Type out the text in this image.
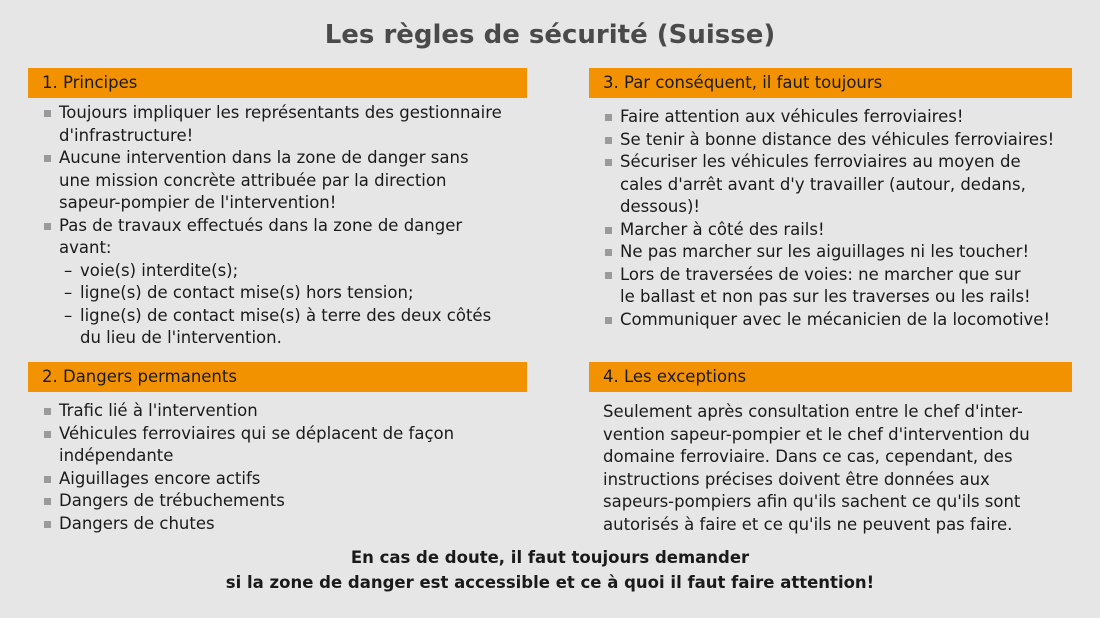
Les règles de sécurité (Suisse)
1. Principes
Toujours impliquer les représentants des gestionnaire d'infrastructure!
Aucune intervention dans la zone de danger sans une mission concrète attribuée par la direction sapeur-pompier de l'intervention!
Pas de travaux effectués dans la zone de danger avant:
– voie(s) interdite(s);
– ligne(s) de contact mise(s) hors tension;
– ligne(s) de contact mise(s) à terre des deux côtés du lieu de l'intervention.
2. Dangers permanents
Trafic lié à l'intervention
Véhicules ferroviaires qui se déplacent de façon indépendante
Aiguillages encore actifs
Dangers de trébuchements
Dangers de chutes
3. Par conséquent, il faut toujours
Faire attention aux véhicules ferroviaires!
Se tenir à bonne distance des véhicules ferroviaires!
Sécuriser les véhicules ferroviaires au moyen de cales d'arrêt avant d'y travailler (autour, dedans, dessous)!
Marcher à côté des rails!
Ne pas marcher sur les aiguillages ni les toucher!
Lors de traversées de voies: ne marcher que sur le ballast et non pas sur les traverses ou les rails!
Communiquer avec le mécanicien de la locomotive!
4. Les exceptions
Seulement après consultation entre le chef d'inter-vention sapeur-pompier et le chef d'intervention du domaine ferroviaire. Dans ce cas, cependant, des instructions précises doivent être données aux sapeurs-pompiers afin qu'ils sachent ce qu'ils sont autorisés à faire et ce qu'ils ne peuvent pas faire.
En cas de doute, il faut toujours demander
si la zone de danger est accessible et ce à quoi il faut faire attention!
